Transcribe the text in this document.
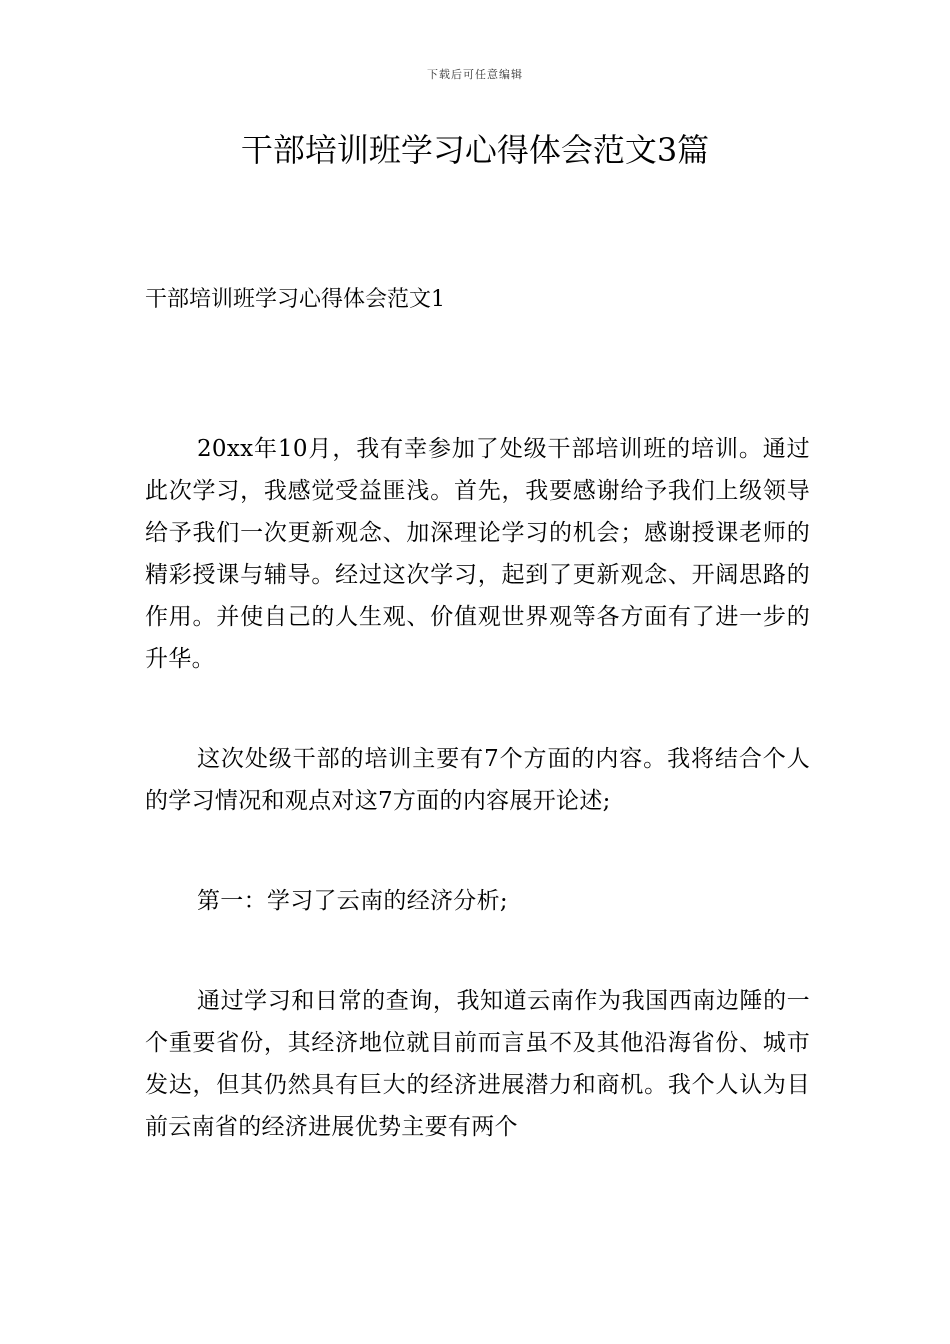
下载后可任意编辑
干部培训班学习心得体会范文3篇
干部培训班学习心得体会范文1

20xx年10月，我有幸参加了处级干部培训班的培训。通过此次学习，我感觉受益匪浅。首先，我要感谢给予我们上级领导给予我们一次更新观念、加深理论学习的机会；感谢授课老师的精彩授课与辅导。经过这次学习，起到了更新观念、开阔思路的作用。并使自己的人生观、价值观世界观等各方面有了进一步的升华。

这次处级干部的培训主要有7个方面的内容。我将结合个人的学习情况和观点对这7方面的内容展开论述;

第一：学习了云南的经济分析;

通过学习和日常的查询，我知道云南作为我国西南边陲的一个重要省份，其经济地位就目前而言虽不及其他沿海省份、城市发达，但其仍然具有巨大的经济进展潜力和商机。我个人认为目前云南省的经济进展优势主要有两个
